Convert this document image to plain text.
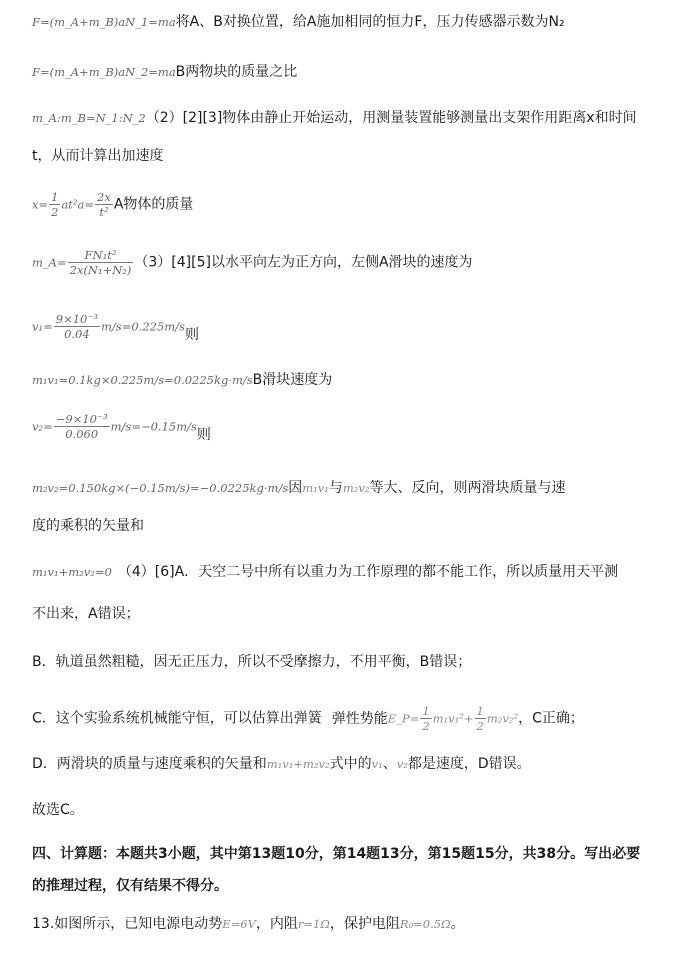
F=(m_A+m_B)aN_1=ma将A、B对换位置，给A施加相同的恒力F，压力传感器示数为N₂
F=(m_A+m_B)aN_2=maB两物块的质量之比
m_A:m_B=N_1:N_2（2）[2][3]物体由静止开始运动，用测量装置能够测量出支架作用距离x和时间
t，从而计算出加速度
$x= \frac{1}{2} at^2a= \frac{2x}{\text{t²}}$ A物体的质量
m_A= $\frac{\text{FN₁t²}}{\text{2x(N₁+N₂)}} (3)[4][5]$以水平向左为正方向，左侧A滑块的速度为
$v_1= \frac{\text{9×10⁻³}}{0.04} m/s=0.225m/s$则
m₁v₁=0.1kg×0.225m/s=0.0225kg·m/sB滑块速度为
$v_2= \frac{\text{−9×10⁻³}}{0.060} m/s=-0.15m/s$则
m₂v₂=0.150kg×(−0.15m/s)=−0.0225kg·m/s因m₁v₁与m₂v₂等大、反向，则两滑块质量与速
度的乘积的矢量和
m₁v₁+m₂v₂=0 （4）[6]A．天空二号中所有以重力为工作原理的都不能工作，所以质量用天平测
不出来，A错误；
B．轨道虽然粗糙，因无正压力，所以不受摩擦力，不用平衡，B错误；
C．这个实验系统机械能守恒，可以估算出弹簧 弹性势能E_P= $\frac{1}{2} m_1v_1^2+ \frac{1}{2} m_2v_2^2$，C正确；
D．两滑块的质量与速度乘积的矢量和m₁v₁+m₂v₂式中的v₁、v₂都是速度，D错误。
故选C。
四、计算题：本题共3小题，其中第13题10分，第14题13分，第15题15分，共38分。写出必要
的推理过程，仅有结果不得分。
13.如图所示，已知电源电动势E=6V，内阻r=1Ω，保护电阻R₀=0.5Ω。
